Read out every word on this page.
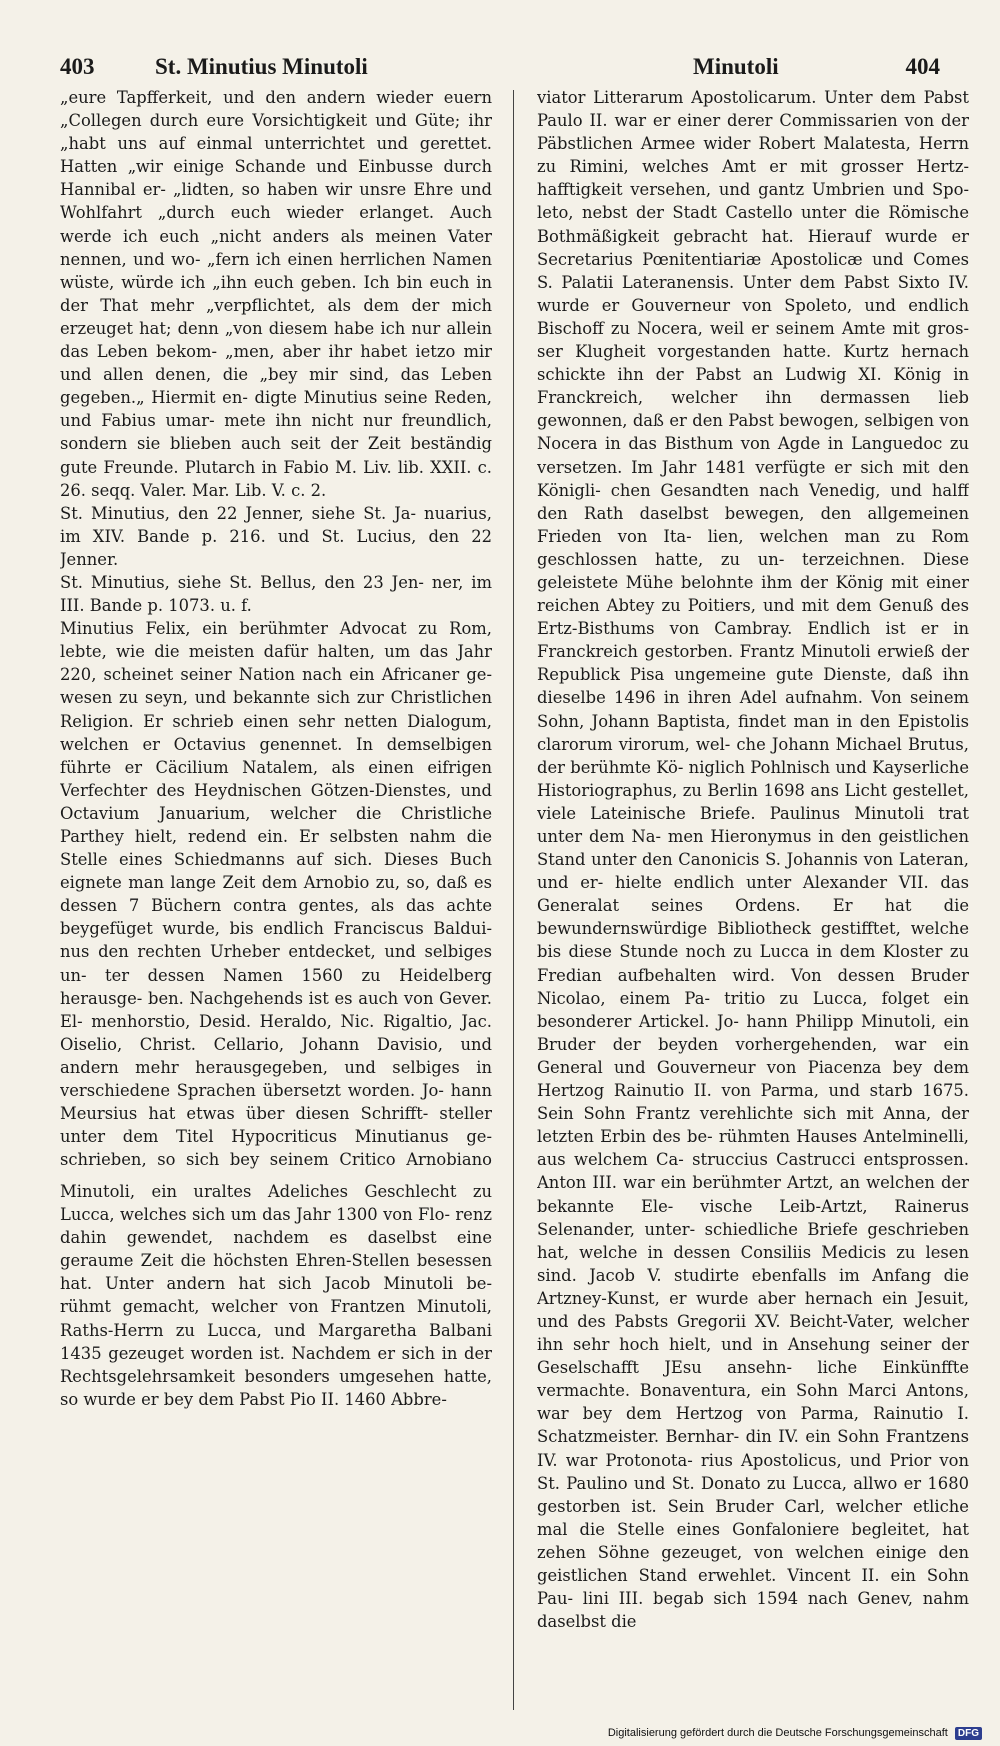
403	St. Minutius Minutoli	Minutoli	404
„eure Tapfferkeit, und den andern wieder euern „Collegen durch eure Vorsichtigkeit und Güte; ihr „habt uns auf einmal unterrichtet und gerettet. Hatten „wir einige Schande und Einbusse durch Hannibal er- „lidten, so haben wir unsre Ehre und Wohlfahrt „durch euch wieder erlanget. Auch werde ich euch „nicht anders als meinen Vater nennen, und wo- „fern ich einen herrlichen Namen wüste, würde ich „ihn euch geben. Ich bin euch in der That mehr „verpflichtet, als dem der mich erzeuget hat; denn „von diesem habe ich nur allein das Leben bekom- „men, aber ihr habet ietzo mir und allen denen, die „bey mir sind, das Leben gegeben.„ Hiermit en- digte Minutius seine Reden, und Fabius umar- mete ihn nicht nur freundlich, sondern sie blieben auch seit der Zeit beständig gute Freunde. Plutarch in Fabio M. Liv. lib. XXII. c. 26. seqq. Valer. Mar. Lib. V. c. 2.
St. Minutius, den 22 Jenner, siehe St. Ja- nuarius, im XIV. Bande p. 216. und St. Lucius, den 22 Jenner.
St. Minutius, siehe St. Bellus, den 23 Jen- ner, im III. Bande p. 1073. u. f.
Minutius Felix, ein berühmter Advocat zu Rom, lebte, wie die meisten dafür halten, um das Jahr 220, scheinet seiner Nation nach ein Africaner ge- wesen zu seyn, und bekannte sich zur Christlichen Religion. Er schrieb einen sehr netten Dialogum, welchen er Octavius genennet. In demselbigen führte er Cäcilium Natalem, als einen eifrigen Verfechter des Heydnischen Götzen-Dienstes, und Octavium Januarium, welcher die Christliche Parthey hielt, redend ein. Er selbsten nahm die Stelle eines Schiedmanns auf sich. Dieses Buch eignete man lange Zeit dem Arnobio zu, so, daß es dessen 7 Büchern contra gentes, als das achte beygefüget wurde, bis endlich Franciscus Baldui- nus den rechten Urheber entdecket, und selbiges un- ter dessen Namen 1560 zu Heidelberg herausge- ben. Nachgehends ist es auch von Gever. El- menhorstio, Desid. Heraldo, Nic. Rigaltio, Jac. Oiselio, Christ. Cellario, Johann Davisio, und andern mehr herausgegeben, und selbiges in verschiedene Sprachen übersetzt worden. Jo- hann Meursius hat etwas über diesen Schrifft- steller unter dem Titel Hypocriticus Minutianus ge- schrieben, so sich bey seinem Critico Arnobiano
Minutoli, ein uraltes Adeliches Geschlecht zu Lucca, welches sich um das Jahr 1300 von Flo- renz dahin gewendet, nachdem es daselbst eine geraume Zeit die höchsten Ehren-Stellen besessen hat. Unter andern hat sich Jacob Minutoli be- rühmt gemacht, welcher von Frantzen Minutoli, Raths-Herrn zu Lucca, und Margaretha Balbani 1435 gezeuget worden ist. Nachdem er sich in der Rechtsgelehrsamkeit besonders umgesehen hatte, so wurde er bey dem Pabst Pio II. 1460 Abbre-
viator Litterarum Apostolicarum. Unter dem Pabst Paulo II. war er einer derer Commissarien von der Päbstlichen Armee wider Robert Malatesta, Herrn zu Rimini, welches Amt er mit grosser Hertz- hafftigkeit versehen, und gantz Umbrien und Spo- leto, nebst der Stadt Castello unter die Römische Bothmäßigkeit gebracht hat. Hierauf wurde er Secretarius Pœnitentiariæ Apostolicæ und Comes S. Palatii Lateranensis. Unter dem Pabst Sixto IV. wurde er Gouverneur von Spoleto, und endlich Bischoff zu Nocera, weil er seinem Amte mit gros- ser Klugheit vorgestanden hatte. Kurtz hernach schickte ihn der Pabst an Ludwig XI. König in Franckreich, welcher ihn dermassen lieb gewonnen, daß er den Pabst bewogen, selbigen von Nocera in das Bisthum von Agde in Languedoc zu versetzen. Im Jahr 1481 verfügte er sich mit den Königli- chen Gesandten nach Venedig, und halff den Rath daselbst bewegen, den allgemeinen Frieden von Ita- lien, welchen man zu Rom geschlossen hatte, zu un- terzeichnen. Diese geleistete Mühe belohnte ihm der König mit einer reichen Abtey zu Poitiers, und mit dem Genuß des Ertz-Bisthums von Cambray. Endlich ist er in Franckreich gestorben. Frantz Minutoli erwieß der Republick Pisa ungemeine gute Dienste, daß ihn dieselbe 1496 in ihren Adel aufnahm. Von seinem Sohn, Johann Baptista, findet man in den Epistolis clarorum virorum, wel- che Johann Michael Brutus, der berühmte Kö- niglich Pohlnisch und Kayserliche Historiographus, zu Berlin 1698 ans Licht gestellet, viele Lateinische Briefe. Paulinus Minutoli trat unter dem Na- men Hieronymus in den geistlichen Stand unter den Canonicis S. Johannis von Lateran, und er- hielte endlich unter Alexander VII. das Generalat seines Ordens. Er hat die bewundernswürdige Bibliotheck gestifftet, welche bis diese Stunde noch zu Lucca in dem Kloster zu Fredian aufbehalten wird. Von dessen Bruder Nicolao, einem Pa- tritio zu Lucca, folget ein besonderer Artickel. Jo- hann Philipp Minutoli, ein Bruder der beyden vorhergehenden, war ein General und Gouverneur von Piacenza bey dem Hertzog Rainutio II. von Parma, und starb 1675. Sein Sohn Frantz verehlichte sich mit Anna, der letzten Erbin des be- rühmten Hauses Antelminelli, aus welchem Ca- struccius Castrucci entsprossen. Anton III. war ein berühmter Artzt, an welchen der bekannte Ele- vische Leib-Artzt, Rainerus Selenander, unter- schiedliche Briefe geschrieben hat, welche in dessen Consiliis Medicis zu lesen sind. Jacob V. studirte ebenfalls im Anfang die Artzney-Kunst, er wurde aber hernach ein Jesuit, und des Pabsts Gregorii XV. Beicht-Vater, welcher ihn sehr hoch hielt, und in Ansehung seiner der Geselschafft JEsu ansehn- liche Einkünffte vermachte. Bonaventura, ein Sohn Marci Antons, war bey dem Hertzog von Parma, Rainutio I. Schatzmeister. Bernhar- din IV. ein Sohn Frantzens IV. war Protonota- rius Apostolicus, und Prior von St. Paulino und St. Donato zu Lucca, allwo er 1680 gestorben ist. Sein Bruder Carl, welcher etliche mal die Stelle eines Gonfaloniere begleitet, hat zehen Söhne gezeuget, von welchen einige den geistlichen Stand erwehlet. Vincent II. ein Sohn Pau- lini III. begab sich 1594 nach Genev, nahm daselbst die
Digitalisierung gefördert durch die Deutsche Forschungsgemeinschaft DFG
